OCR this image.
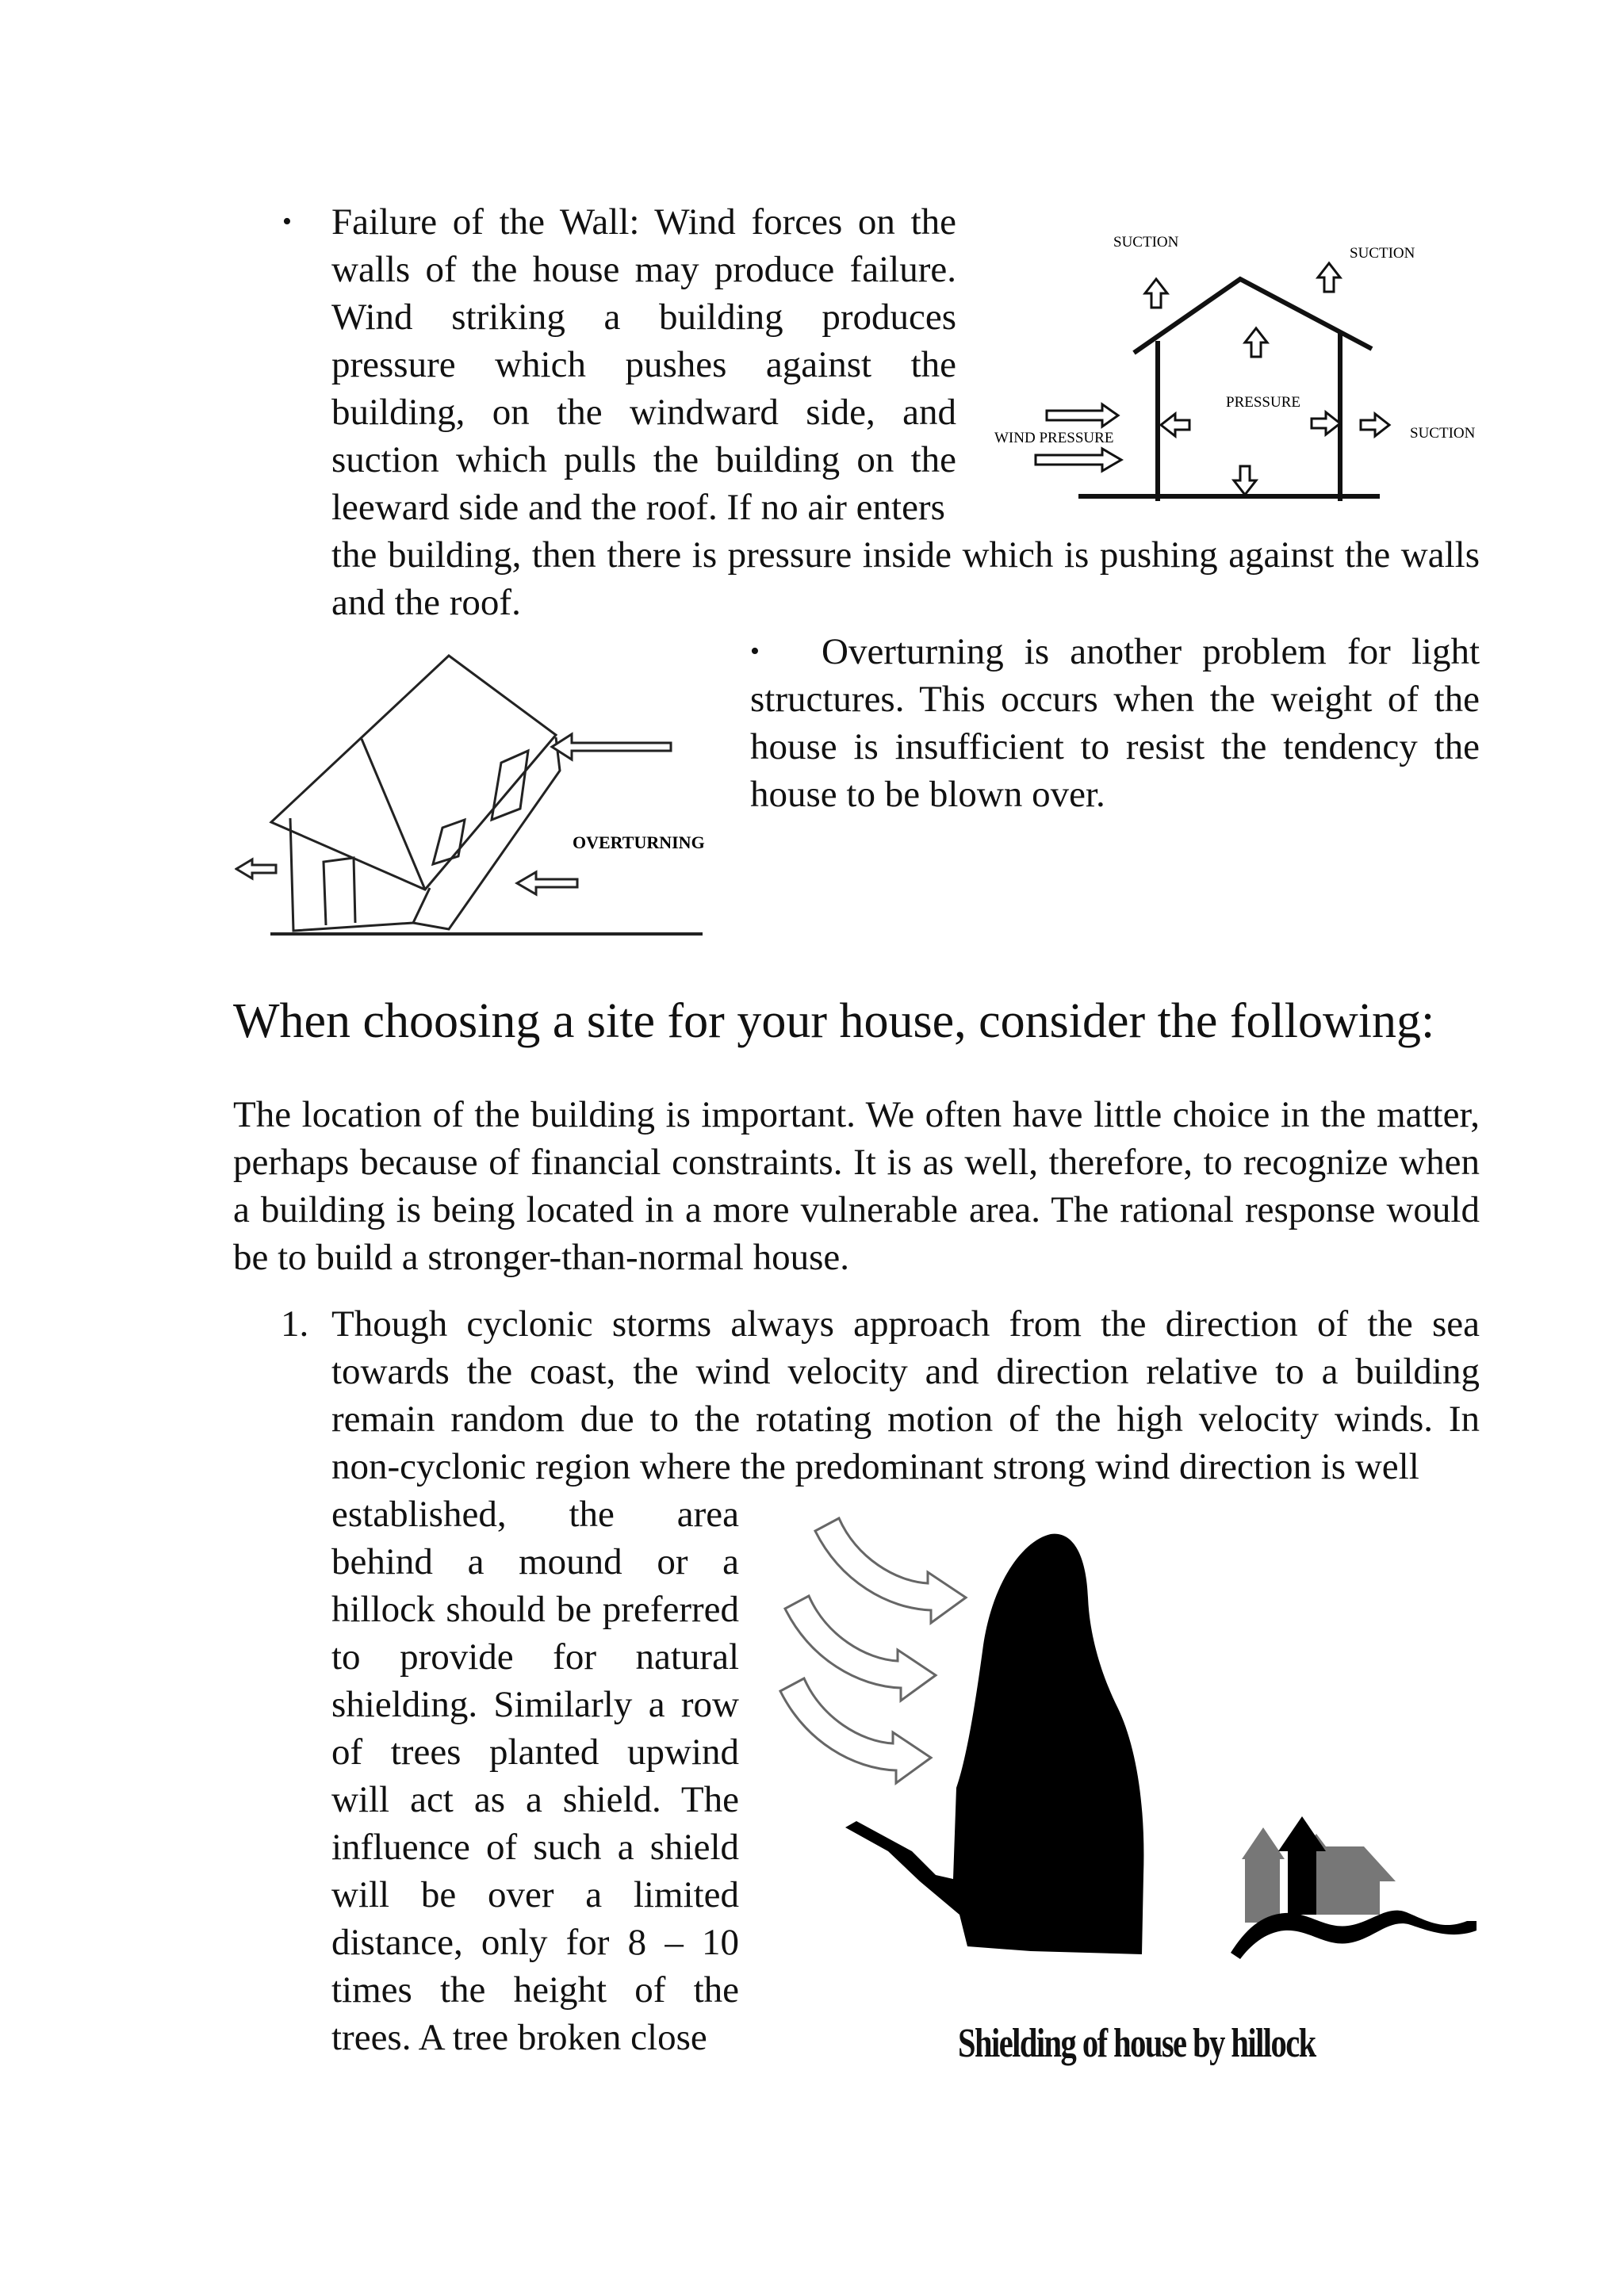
• Failure of the Wall: Wind forces on the walls of the house may produce failure. Wind striking a building produces pressure which pushes against the building, on the windward side, and suction which pulls the building on the leeward side and the roof. If no air enters

the building, then there is pressure inside which is pushing against the walls and the roof.

SUCTION
SUCTION
SUCTION
PRESSURE
WIND PRESSURE
OVERTURNING
•	Overturning is another problem for light structures. This occurs when the weight of the house is insufficient to resist the tendency the house to be blown over.

When choosing a site for your house, consider the following:

The location of the building is important. We often have little choice in the matter, perhaps because of financial constraints. It is as well, therefore, to recognize when a building is being located in a more vulnerable area. The rational response would be to build a stronger-than-normal house.

1. Though cyclonic storms always approach from the direction of the sea towards the coast, the wind velocity and direction relative to a building remain random due to the rotating motion of the high velocity winds. In non-cyclonic region where the predominant strong wind direction is well

established, the area behind a mound or a hillock should be preferred to provide for natural shielding. Similarly a row of trees planted upwind will act as a shield. The influence of such a shield will be over a limited distance, only for 8 – 10 times the height of the trees. A tree broken close	Shielding of house by hillock
